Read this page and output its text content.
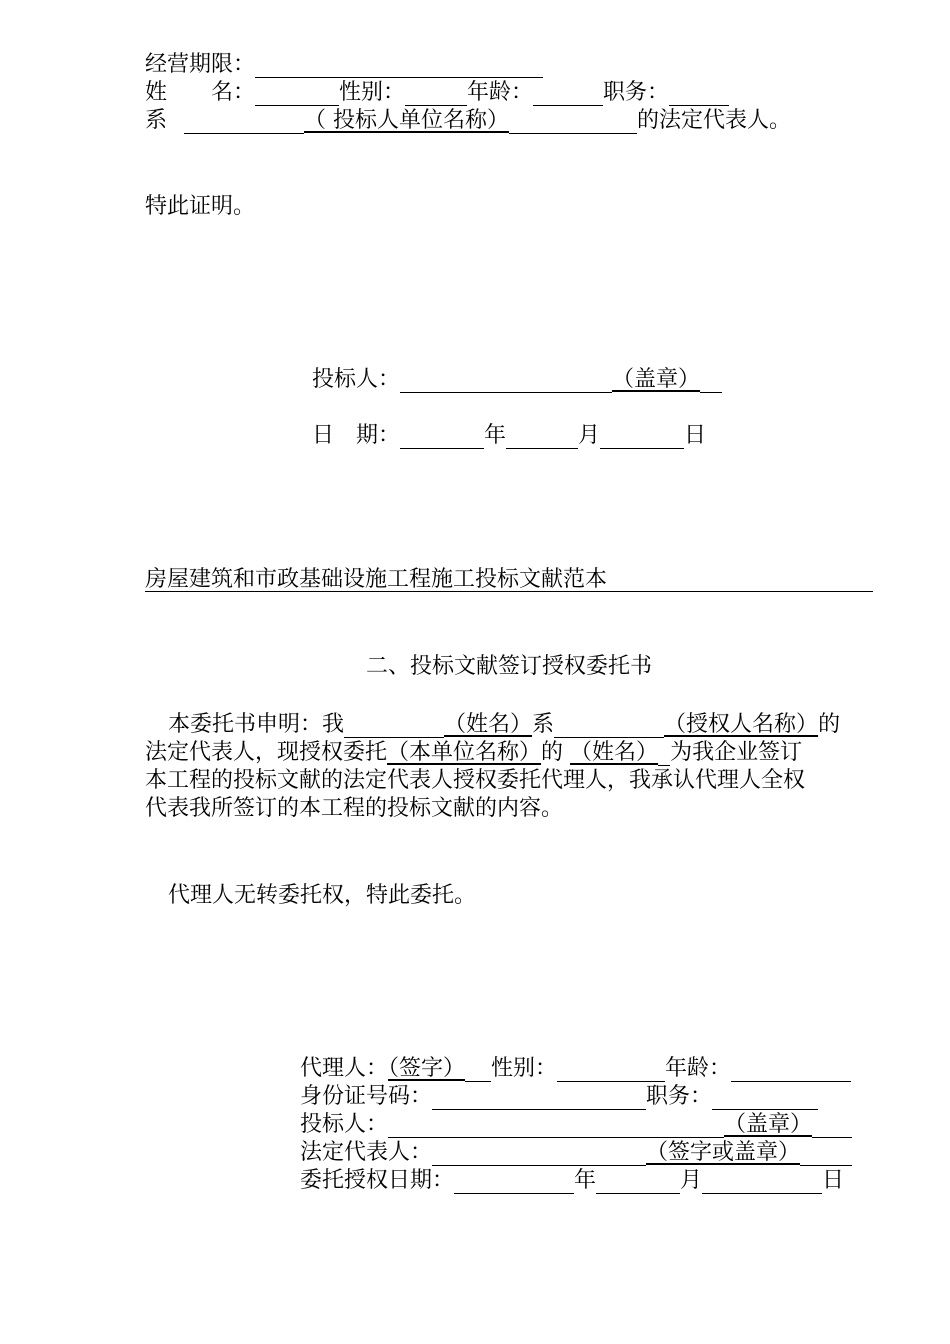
经营期限：
姓　　名：	性别：	年龄：	职务：
系	（ 投标人单位名称）	的法定代表人。
特此证明。
投标人：	（盖章）
日　期：	年	月	日
房屋建筑和市政基础设施工程施工投标文献范本
二、投标文献签订授权委托书
本委托书申明：我	（姓名）系	（授权人名称）的
法定代表人，现授权委托（本单位名称）的 （姓名） 为我企业签订
本工程的投标文献的法定代表人授权委托代理人，我承认代理人全权
代表我所签订的本工程的投标文献的内容。
代理人无转委托权，特此委托。
代理人：（签字） 性别：	年龄：
身份证号码：	职务：
投标人：	（盖章）
法定代表人：	（签字或盖章）
委托授权日期：	年	月	日
